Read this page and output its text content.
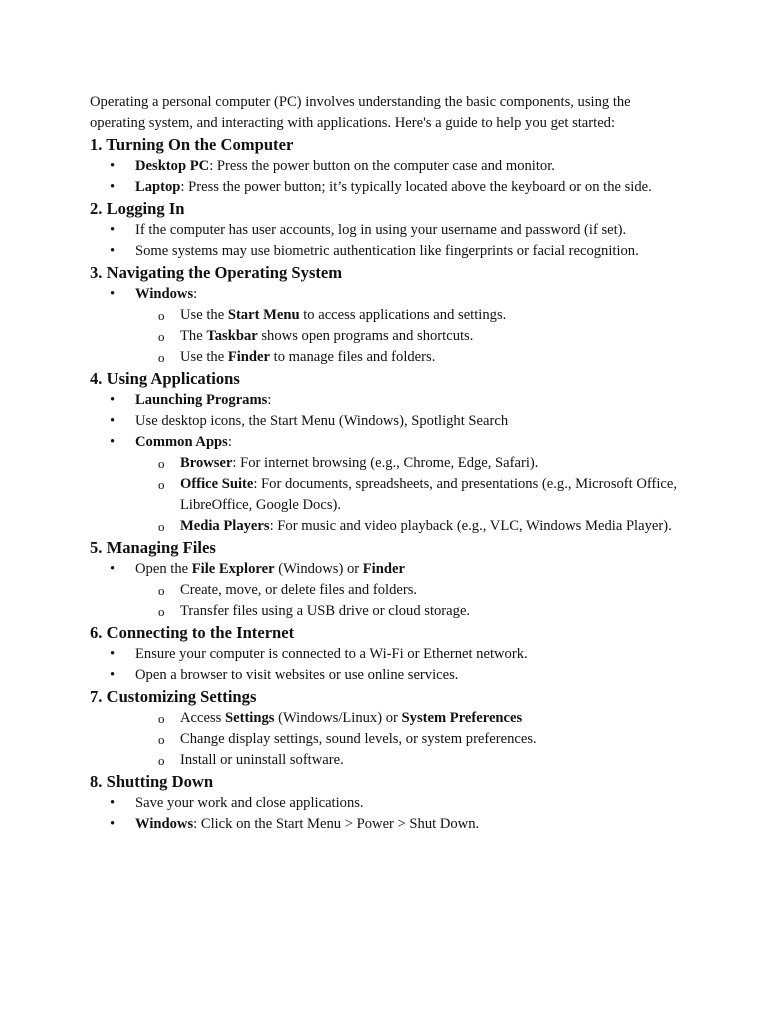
Operating a personal computer (PC) involves understanding the basic components, using the operating system, and interacting with applications. Here's a guide to help you get started:

1. Turning On the Computer
• Desktop PC: Press the power button on the computer case and monitor.
• Laptop: Press the power button; it’s typically located above the keyboard or on the side.
2. Logging In
• If the computer has user accounts, log in using your username and password (if set).
• Some systems may use biometric authentication like fingerprints or facial recognition.
3. Navigating the Operating System
• Windows:
o Use the Start Menu to access applications and settings.
o The Taskbar shows open programs and shortcuts.
o Use the Finder to manage files and folders.
4. Using Applications
• Launching Programs:
• Use desktop icons, the Start Menu (Windows), Spotlight Search
• Common Apps:
o Browser: For internet browsing (e.g., Chrome, Edge, Safari).
o Office Suite: For documents, spreadsheets, and presentations (e.g., Microsoft Office, LibreOffice, Google Docs).
o Media Players: For music and video playback (e.g., VLC, Windows Media Player).
5. Managing Files
• Open the File Explorer (Windows) or Finder
o Create, move, or delete files and folders.
o Transfer files using a USB drive or cloud storage.
6. Connecting to the Internet
• Ensure your computer is connected to a Wi-Fi or Ethernet network.
• Open a browser to visit websites or use online services.
7. Customizing Settings
o Access Settings (Windows/Linux) or System Preferences
o Change display settings, sound levels, or system preferences.
o Install or uninstall software.
8. Shutting Down
• Save your work and close applications.
• Windows: Click on the Start Menu > Power > Shut Down.
